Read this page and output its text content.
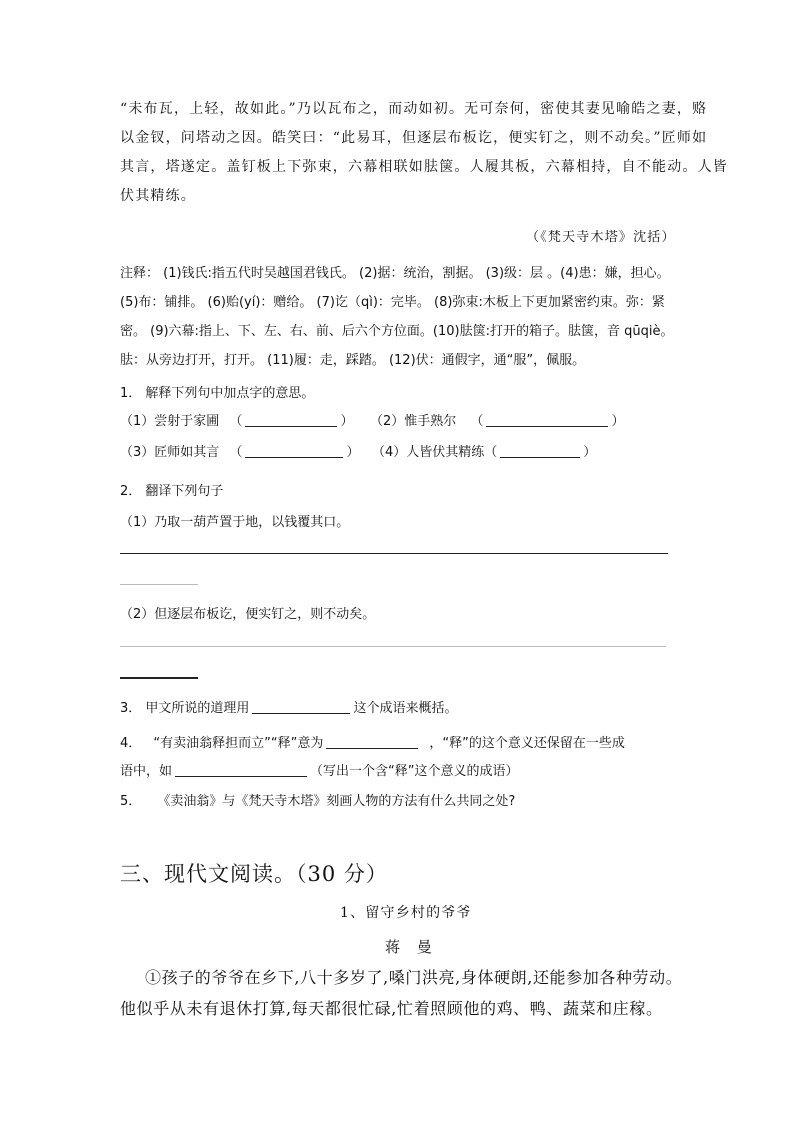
“未布瓦，上轻，故如此。”乃以瓦布之，而动如初。无可奈何，密使其妻见喻皓之妻，赂
以金钗，问塔动之因。皓笑曰：“此易耳，但逐层布板讫，便实钉之，则不动矣。”匠师如
其言，塔遂定。盖钉板上下弥束，六幕相联如胠箧。人履其板，六幕相持，自不能动。人皆
伏其精练。
（《梵天寺木塔》沈括）
注释： (1)钱氏:指五代时吴越国君钱氏。 (2)据：统治，割据。 (3)级：层 。(4)患：嫌，担心。
(5)布：铺排。 (6)贻(yí)：赠给。 (7)讫（qì)：完毕。 (8)弥束:木板上下更加紧密约束。弥：紧
密。 (9)六幕:指上、下、左、右、前、后六个方位面。(10)胠箧:打开的箱子。胠箧，音 qūqiè。
胠：从旁边打开，打开。 (11)履：走，踩踏。 (12)伏：通假字，通“服”，佩服。
1． 解释下列句中加点字的意思。
（1）尝射于家圃 （	） （2）惟手熟尔 （	）
（3）匠师如其言 （	） （4）人皆伏其精练（	）
2． 翻译下列句子
（1）乃取一葫芦置于地，以钱覆其口。
（2）但逐层布板讫，便实钉之，则不动矣。
3． 甲文所说的道理用	这个成语来概括。
4． “有卖油翁释担而立”“释”意为	，“释”的这个意义还保留在一些成
语中，如	（写出一个含“释”这个意义的成语）
5． 《卖油翁》与《梵天寺木塔》刻画人物的方法有什么共同之处?
三、现代文阅读。（30 分）
1、留守乡村的爷爷
蒋 曼
①孩子的爷爷在乡下,八十多岁了,嗓门洪亮,身体硬朗,还能参加各种劳动。
他似乎从未有退休打算,每天都很忙碌,忙着照顾他的鸡、鸭、蔬菜和庄稼。
